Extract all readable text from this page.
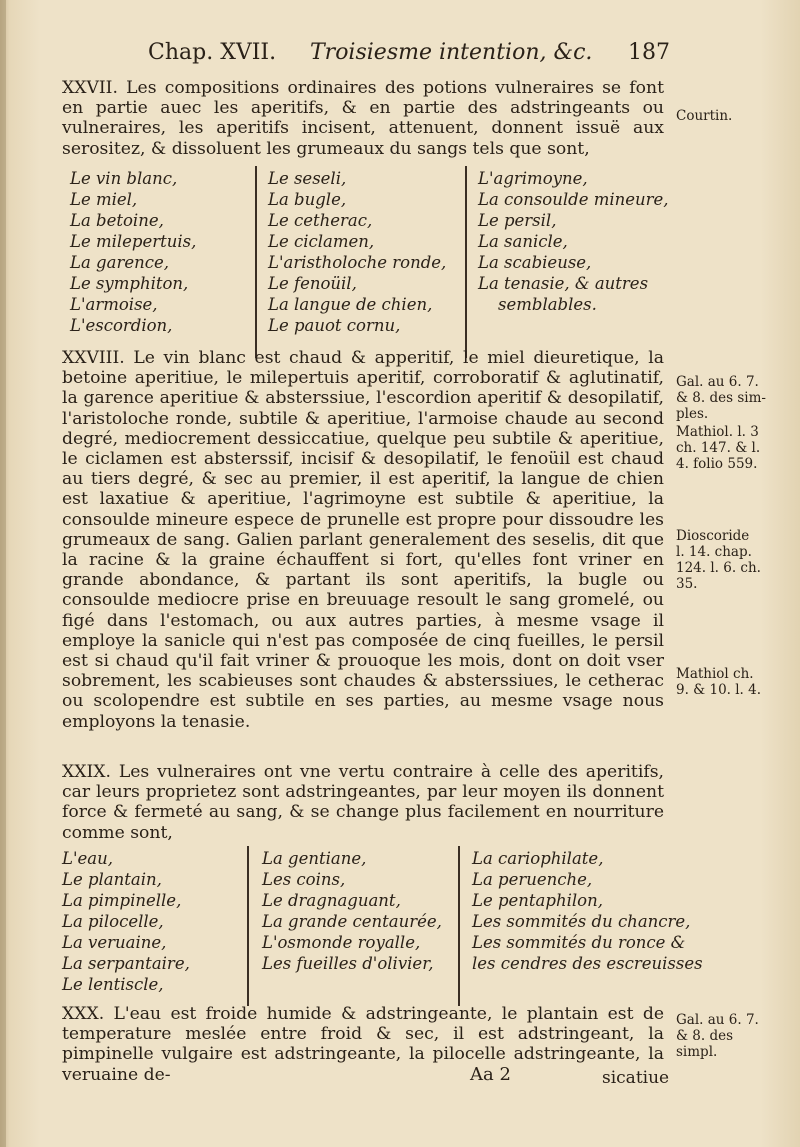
Chap. XVII. Troisiesme intention, &c. 187
XXVII. Les compositions ordinaires des potions vulneraires se font en partie auec les aperitifs, & en partie des adstringeants ou vulneraires, les aperitifs incisent, attenuent, donnent issuë aux serositez, & dissoluent les grumeaux du sangs tels que sont,
Le vin blanc,
Le miel,
La betoine,
Le milepertuis,
La garence,
Le symphiton,
L'armoise,
L'escordion,
Le seseli,
La bugle,
Le cetherac,
Le ciclamen,
L'aristholoche ronde,
Le fenoüil,
La langue de chien,
Le pauot cornu,
L'agrimoyne,
La consoulde mineure,
Le persil,
La sanicle,
La scabieuse,
La tenasie, & autres
semblables.
XXVIII. Le vin blanc est chaud & apperitif, le miel dieuretique, la betoine aperitiue, le milepertuis aperitif, corroboratif & aglutinatif, la garence aperitiue & absterssiue, l'escordion aperitif & desopilatif, l'aristoloche ronde, subtile & aperitiue, l'armoise chaude au second degré, mediocrement dessiccatiue, quelque peu subtile & aperitiue, le ciclamen est absterssif, incisif & desopilatif, le fenoüil est chaud au tiers degré, & sec au premier, il est aperitif, la langue de chien est laxatiue & aperitiue, l'agrimoyne est subtile & aperitiue, la consoulde mineure espece de prunelle est propre pour dissoudre les grumeaux de sang. Galien parlant generalement des seselis, dit que la racine & la graine échauffent si fort, qu'elles font vriner en grande abondance, & partant ils sont aperitifs, la bugle ou consoulde mediocre prise en breuuage resoult le sang gromelé, ou figé dans l'estomach, ou aux autres parties, à mesme vsage il employe la sanicle qui n'est pas composée de cinq fueilles, le persil est si chaud qu'il fait vriner & prouoque les mois, dont on doit vser sobrement, les scabieuses sont chaudes & absterssiues, le cetherac ou scolopendre est subtile en ses parties, au mesme vsage nous employons la tenasie.
XXIX. Les vulneraires ont vne vertu contraire à celle des aperitifs, car leurs proprietez sont adstringeantes, par leur moyen ils donnent force & fermeté au sang, & se change plus facilement en nourriture comme sont,
L'eau,
Le plantain,
La pimpinelle,
La pilocelle,
La veruaine,
La serpantaire,
Le lentiscle,
La gentiane,
Les coins,
Le dragnaguant,
La grande centaurée,
L'osmonde royalle,
Les fueilles d'olivier,
La cariophilate,
La peruenche,
Le pentaphilon,
Les sommités du chancre,
Les sommités du ronce &
les cendres des escreuisses
XXX. L'eau est froide humide & adstringeante, le plantain est de temperature meslée entre froid & sec, il est adstringeant, la pimpinelle vulgaire est adstringeante, la pilocelle adstringeante, la veruaine de-
Courtin.
Gal. au 6. 7.
& 8. des sim-
ples.
Mathiol. l. 3
ch. 147. & l.
4. folio 559.
Dioscoride
l. 14. chap.
124. l. 6. ch.
35.
Mathiol ch.
9. & 10. l. 4.
Gal. au 6. 7.
& 8. des
simpl.
Aa 2	sicatiue
